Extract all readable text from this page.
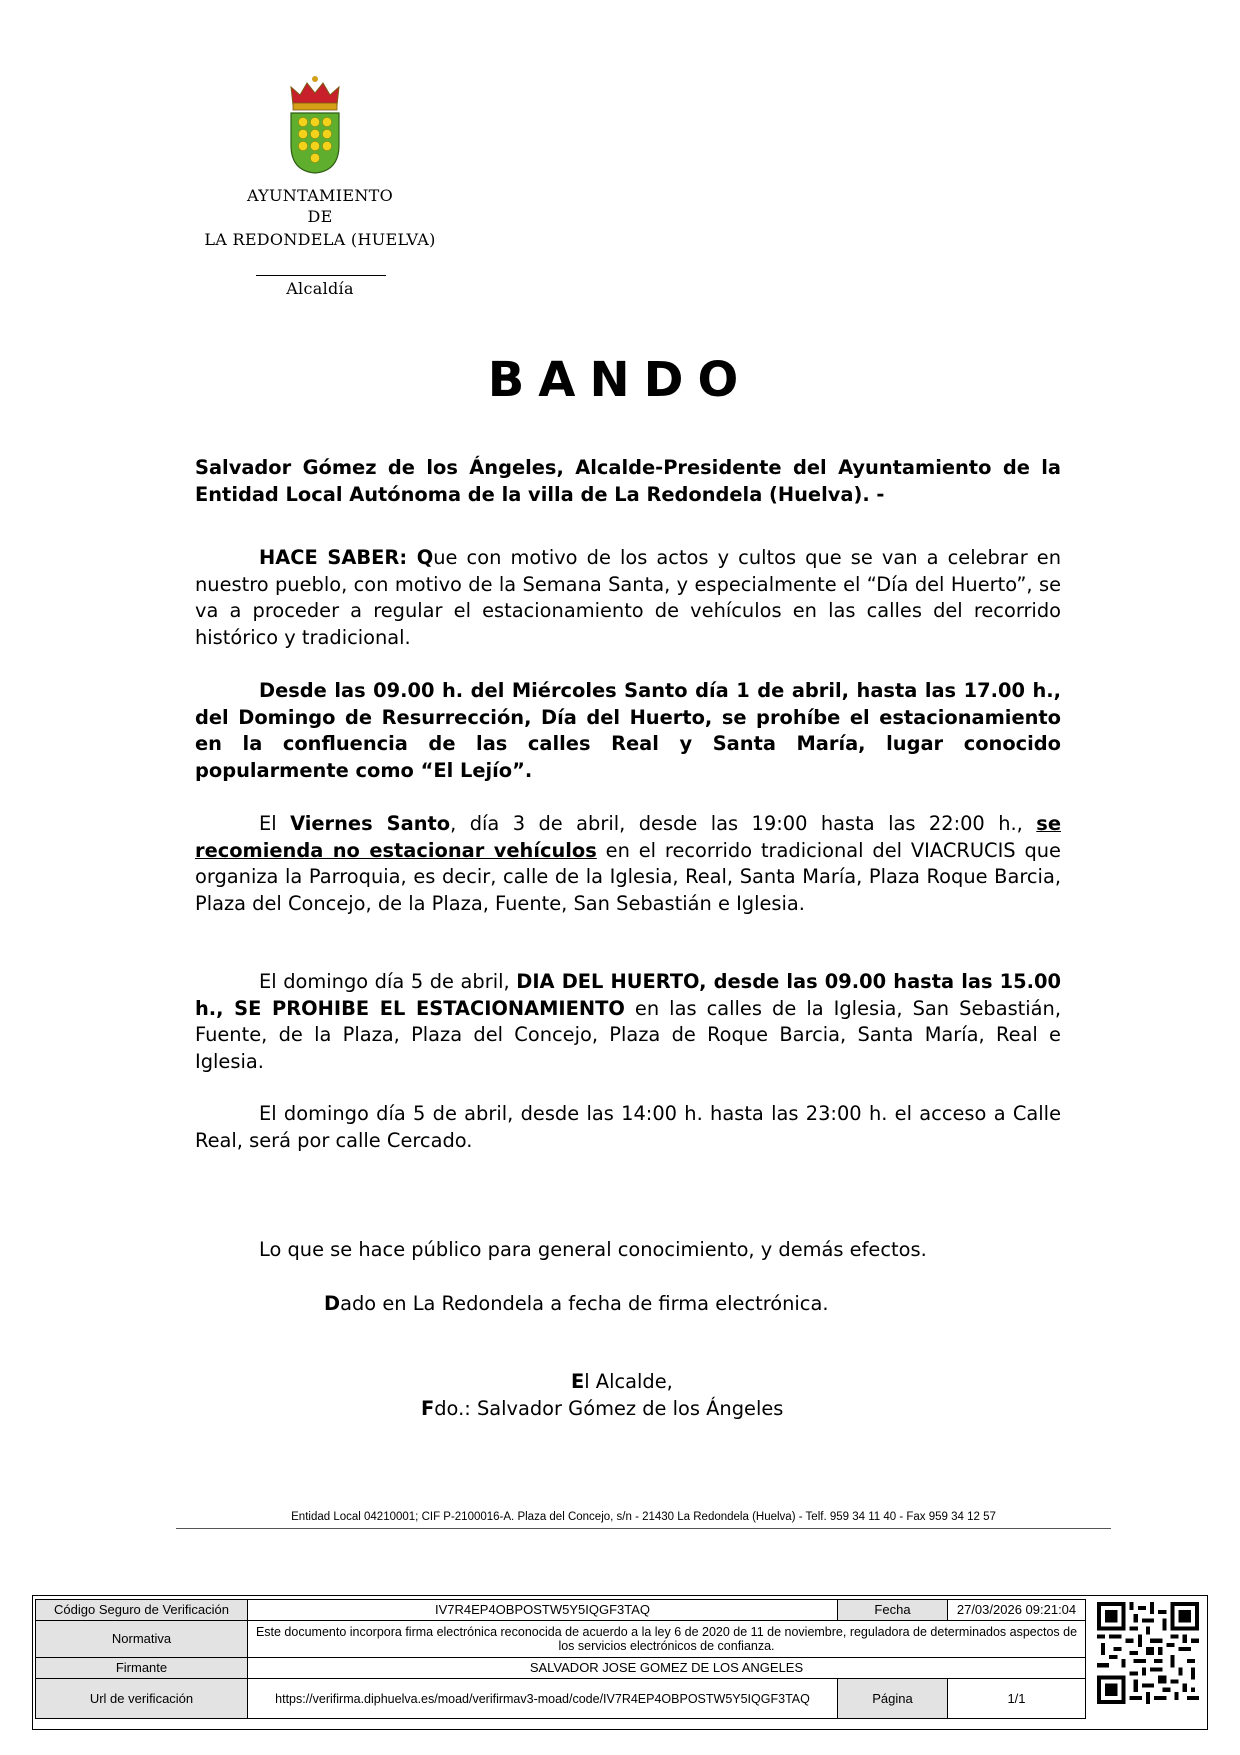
AYUNTAMIENTO
DE
LA REDONDELA (HUELVA)
Alcaldía
BANDO

Salvador Gómez de los Ángeles, Alcalde-Presidente del Ayuntamiento de la Entidad Local Autónoma de la villa de La Redondela (Huelva). -

HACE SABER: Que con motivo de los actos y cultos que se van a celebrar en nuestro pueblo, con motivo de la Semana Santa, y especialmente el “Día del Huerto”, se va a proceder a regular el estacionamiento de vehículos en las calles del recorrido histórico y tradicional.

Desde las 09.00 h. del Miércoles Santo día 1 de abril, hasta las 17.00 h., del Domingo de Resurrección, Día del Huerto, se prohíbe el estacionamiento en la confluencia de las calles Real y Santa María, lugar conocido popularmente como “El Lejío”.

El Viernes Santo, día 3 de abril, desde las 19:00 hasta las 22:00 h., se recomienda no estacionar vehículos en el recorrido tradicional del VIACRUCIS que organiza la Parroquia, es decir, calle de la Iglesia, Real, Santa María, Plaza Roque Barcia, Plaza del Concejo, de la Plaza, Fuente, San Sebastián e Iglesia.

El domingo día 5 de abril, DIA DEL HUERTO, desde las 09.00 hasta las 15.00 h., SE PROHIBE EL ESTACIONAMIENTO en las calles de la Iglesia, San Sebastián, Fuente, de la Plaza, Plaza del Concejo, Plaza de Roque Barcia, Santa María, Real e Iglesia.

El domingo día 5 de abril, desde las 14:00 h. hasta las 23:00 h. el acceso a Calle Real, será por calle Cercado.

Lo que se hace público para general conocimiento, y demás efectos.
Dado en La Redondela a fecha de firma electrónica.
El Alcalde,
Fdo.: Salvador Gómez de los Ángeles
Entidad Local 04210001; CIF P-2100016-A. Plaza del Concejo, s/n - 21430 La Redondela (Huelva) - Telf. 959 34 11 40 - Fax 959 34 12 57
Código Seguro de Verificación	IV7R4EP4OBPOSTW5Y5IQGF3TAQ	Fecha	27/03/2026 09:21:04
Normativa	Este documento incorpora firma electrónica reconocida de acuerdo a la ley 6 de 2020 de 11 de noviembre, reguladora de determinados aspectos de los servicios electrónicos de confianza.		
Firmante	SALVADOR JOSE GOMEZ DE LOS ANGELES		
Url de verificación	https://verifirma.diphuelva.es/moad/verifirmav3-moad/code/IV7R4EP4OBPOSTW5Y5IQGF3TAQ	Página	1/1
